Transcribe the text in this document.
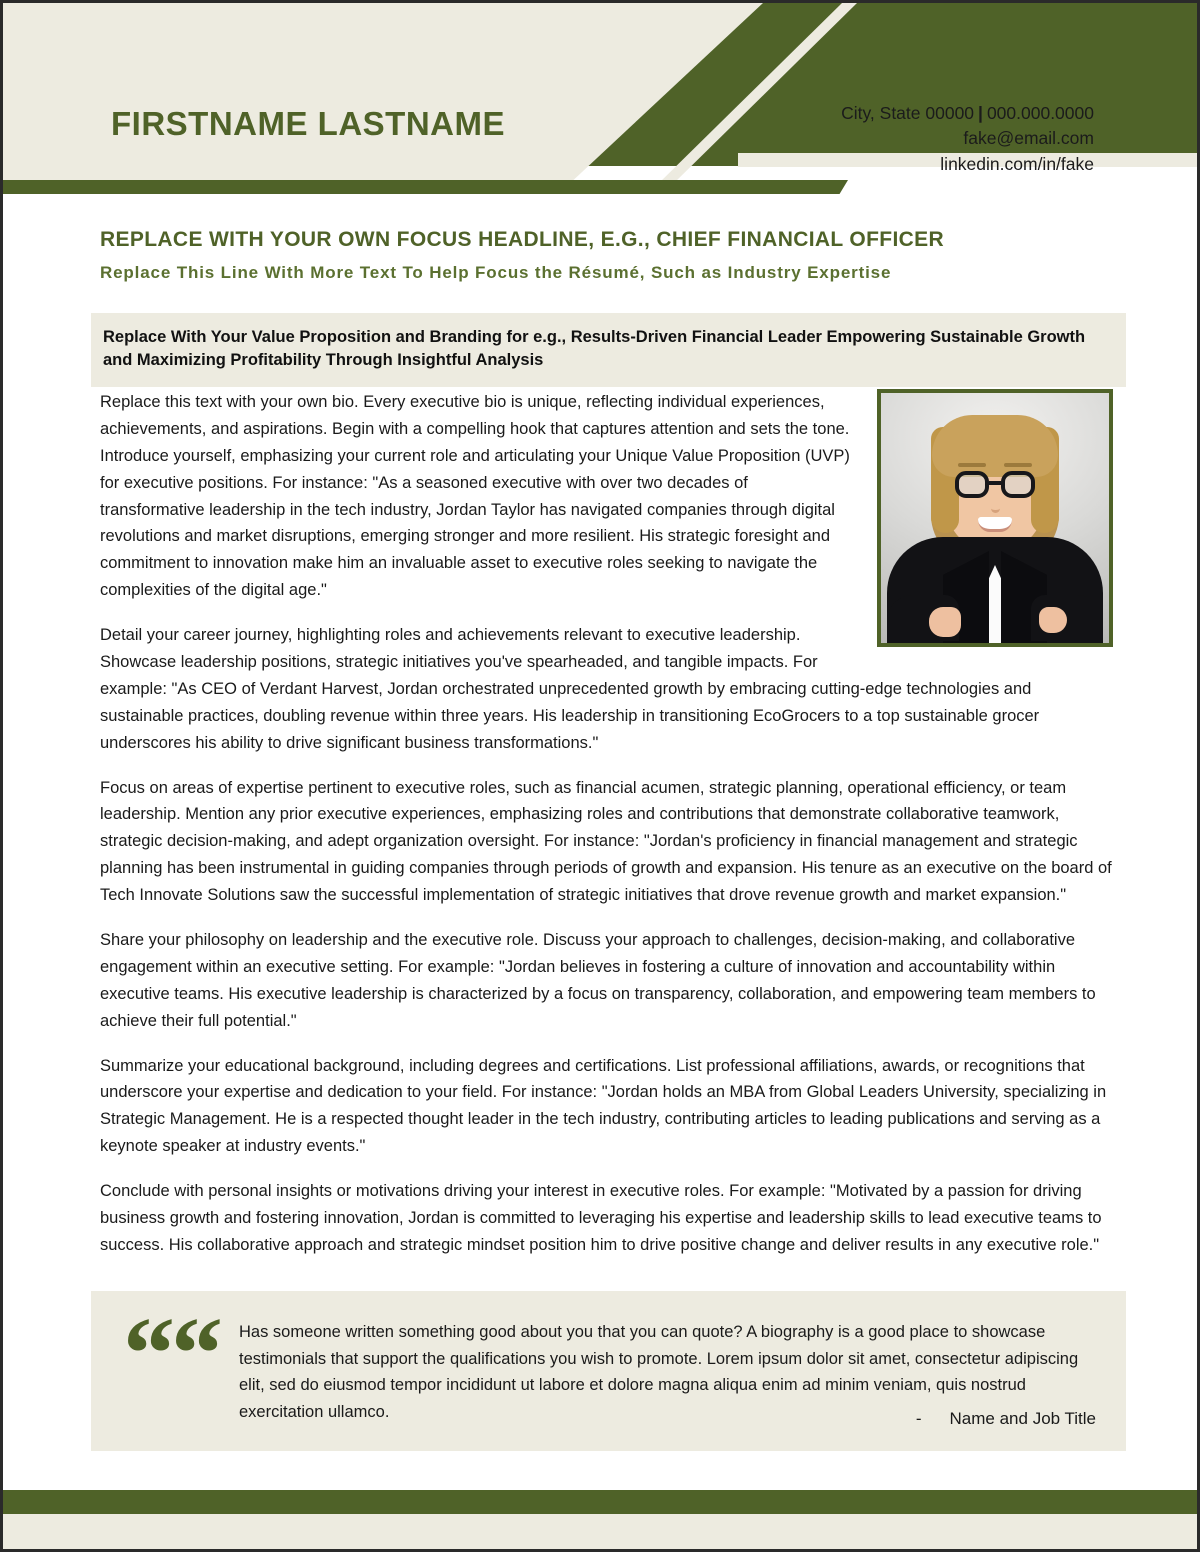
FIRSTNAME LASTNAME	City, State 00000 | 000.000.0000
fake@email.com
linkedin.com/in/fake
REPLACE WITH YOUR OWN FOCUS HEADLINE, E.G., CHIEF FINANCIAL OFFICER
Replace This Line With More Text To Help Focus the Résumé, Such as Industry Expertise
Replace With Your Value Proposition and Branding for e.g., Results-Driven Financial Leader Empowering Sustainable Growth and Maximizing Profitability Through Insightful Analysis

Replace this text with your own bio. Every executive bio is unique, reflecting individual experiences, achievements, and aspirations. Begin with a compelling hook that captures attention and sets the tone. Introduce yourself, emphasizing your current role and articulating your Unique Value Proposition (UVP) for executive positions. For instance: "As a seasoned executive with over two decades of transformative leadership in the tech industry, Jordan Taylor has navigated companies through digital revolutions and market disruptions, emerging stronger and more resilient. His strategic foresight and commitment to innovation make him an invaluable asset to executive roles seeking to navigate the complexities of the digital age."

Detail your career journey, highlighting roles and achievements relevant to executive leadership. Showcase leadership positions, strategic initiatives you've spearheaded, and tangible impacts. For example: "As CEO of Verdant Harvest, Jordan orchestrated unprecedented growth by embracing cutting-edge technologies and sustainable practices, doubling revenue within three years. His leadership in transitioning EcoGrocers to a top sustainable grocer underscores his ability to drive significant business transformations."

Focus on areas of expertise pertinent to executive roles, such as financial acumen, strategic planning, operational efficiency, or team leadership. Mention any prior executive experiences, emphasizing roles and contributions that demonstrate collaborative teamwork, strategic decision-making, and adept organization oversight. For instance: "Jordan's proficiency in financial management and strategic planning has been instrumental in guiding companies through periods of growth and expansion. His tenure as an executive on the board of Tech Innovate Solutions saw the successful implementation of strategic initiatives that drove revenue growth and market expansion."

Share your philosophy on leadership and the executive role. Discuss your approach to challenges, decision-making, and collaborative engagement within an executive setting. For example: "Jordan believes in fostering a culture of innovation and accountability within executive teams. His executive leadership is characterized by a focus on transparency, collaboration, and empowering team members to achieve their full potential."

Summarize your educational background, including degrees and certifications. List professional affiliations, awards, or recognitions that underscore your expertise and dedication to your field. For instance: "Jordan holds an MBA from Global Leaders University, specializing in Strategic Management. He is a respected thought leader in the tech industry, contributing articles to leading publications and serving as a keynote speaker at industry events."

Conclude with personal insights or motivations driving your interest in executive roles. For example: "Motivated by a passion for driving business growth and fostering innovation, Jordan is committed to leveraging his expertise and leadership skills to lead executive teams to success. His collaborative approach and strategic mindset position him to drive positive change and deliver results in any executive role."

““ Has someone written something good about you that you can quote? A biography is a good place to showcase testimonials that support the qualifications you wish to promote. Lorem ipsum dolor sit amet, consectetur adipiscing elit, sed do eiusmod tempor incididunt ut labore et dolore magna aliqua enim ad minim veniam, quis nostrud exercitation ullamco.	- Name and Job Title
